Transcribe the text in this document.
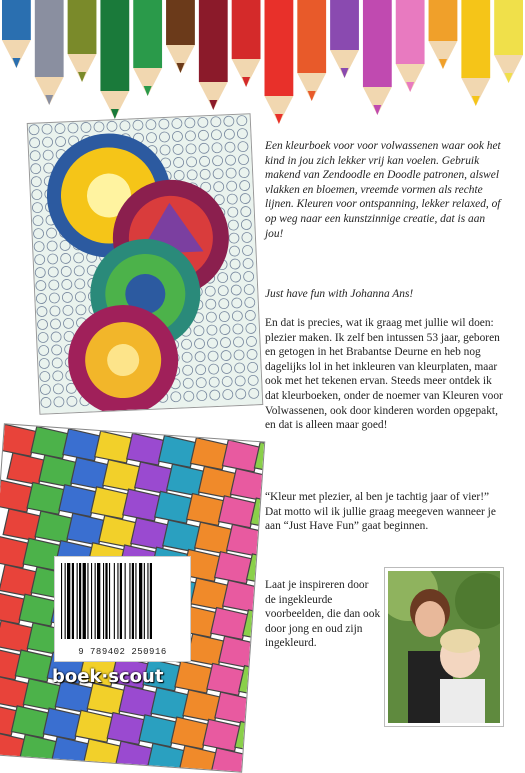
9 789402 250916
boek·scout
Een kleurboek voor voor volwassenen waar ook het kind in jou zich lekker vrij kan voelen. Gebruik makend van Zendoodle en Doodle patronen, alswel vlakken en bloemen, vreemde vormen als rechte lijnen. Kleuren voor ontspanning, lekker relaxed, of op weg naar een kunstzinnige creatie, dat is aan jou!
Just have fun with Johanna Ans!
En dat is precies, wat ik graag met jullie wil doen: plezier maken. Ik zelf ben intussen 53 jaar, geboren en getogen in het Brabantse Deurne en heb nog dagelijks lol in het inkleuren van kleurplaten, maar ook met het tekenen ervan. Steeds meer ontdek ik dat kleurboeken, onder de noemer van Kleuren voor Volwassenen, ook door kinderen worden opgepakt, en dat is alleen maar goed!
“Kleur met plezier, al ben je tachtig jaar of vier!” Dat motto wil ik jullie graag meegeven wanneer je aan “Just Have Fun” gaat beginnen.
Laat je inspireren door de ingekleurde voorbeelden, die dan ook door jong en oud zijn ingekleurd.
